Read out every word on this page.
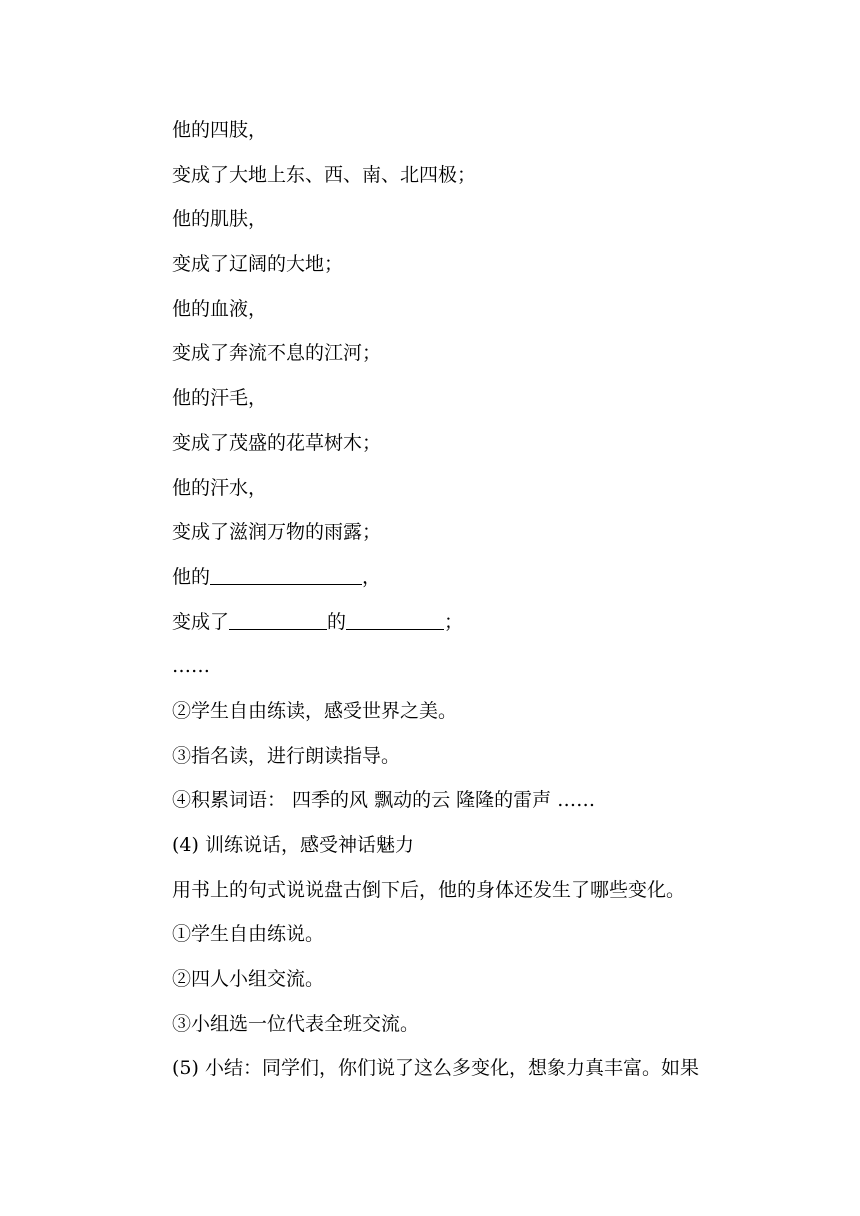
他的四肢，
变成了大地上东、西、南、北四极；
他的肌肤，
变成了辽阔的大地；
他的血液，
变成了奔流不息的江河；
他的汗毛，
变成了茂盛的花草树木；
他的汗水，
变成了滋润万物的雨露；
他的	，
变成了	的	；
……
②学生自由练读，感受世界之美。
③指名读，进行朗读指导。
④积累词语： 四季的风 飘动的云 隆隆的雷声 ……
(4) 训练说话，感受神话魅力
用书上的句式说说盘古倒下后，他的身体还发生了哪些变化。
①学生自由练说。
②四人小组交流。
③小组选一位代表全班交流。
(5) 小结：同学们，你们说了这么多变化，想象力真丰富。如果
